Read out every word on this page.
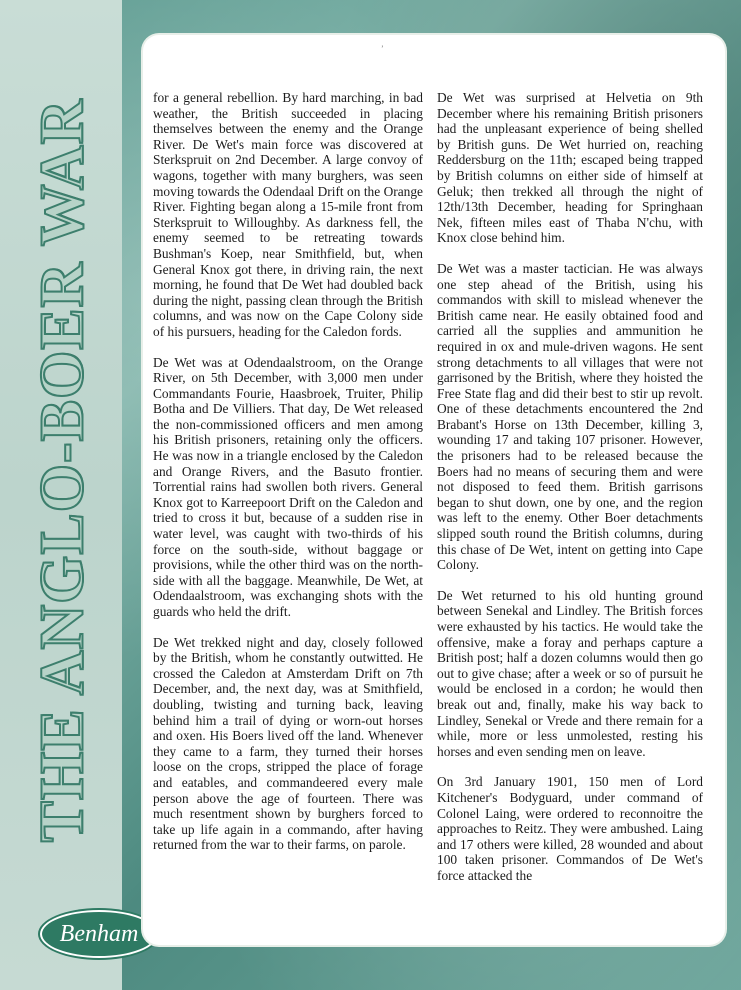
THE ANGLO-BOER WAR
Benham
’

for a general rebellion. By hard marching, in bad weather, the British succeeded in placing themselves between the enemy and the Orange River. De Wet's main force was discovered at Sterkspruit on 2nd December. A large convoy of wagons, together with many burghers, was seen moving towards the Odendaal Drift on the Orange River. Fighting began along a 15-mile front from Sterkspruit to Willoughby. As darkness fell, the enemy seemed to be retreating towards Bushman's Koep, near Smithfield, but, when General Knox got there, in driving rain, the next morning, he found that De Wet had doubled back during the night, passing clean through the British columns, and was now on the Cape Colony side of his pursuers, heading for the Caledon fords.

De Wet was at Odendaalstroom, on the Orange River, on 5th December, with 3,000 men under Commandants Fourie, Haasbroek, Truiter, Philip Botha and De Villiers. That day, De Wet released the non-commissioned officers and men among his British prisoners, retaining only the officers. He was now in a triangle enclosed by the Caledon and Orange Rivers, and the Basuto frontier. Torrential rains had swollen both rivers. General Knox got to Karreepoort Drift on the Caledon and tried to cross it but, because of a sudden rise in water level, was caught with two-thirds of his force on the south-side, without baggage or provisions, while the other third was on the north-side with all the baggage. Meanwhile, De Wet, at Odendaalstroom, was exchanging shots with the guards who held the drift.

De Wet trekked night and day, closely followed by the British, whom he constantly outwitted. He crossed the Caledon at Amsterdam Drift on 7th December, and, the next day, was at Smithfield, doubling, twisting and turning back, leaving behind him a trail of dying or worn-out horses and oxen. His Boers lived off the land. Whenever they came to a farm, they turned their horses loose on the crops, stripped the place of forage and eatables, and commandeered every male person above the age of fourteen. There was much resentment shown by burghers forced to take up life again in a commando, after having returned from the war to their farms, on parole.

De Wet was surprised at Helvetia on 9th December where his remaining British prisoners had the unpleasant experience of being shelled by British guns. De Wet hurried on, reaching Reddersburg on the 11th; escaped being trapped by British columns on either side of himself at Geluk; then trekked all through the night of 12th/13th December, heading for Springhaan Nek, fifteen miles east of Thaba N'chu, with Knox close behind him.

De Wet was a master tactician. He was always one step ahead of the British, using his commandos with skill to mislead whenever the British came near. He easily obtained food and carried all the supplies and ammunition he required in ox and mule-driven wagons. He sent strong detachments to all villages that were not garrisoned by the British, where they hoisted the Free State flag and did their best to stir up revolt. One of these detachments encountered the 2nd Brabant's Horse on 13th December, killing 3, wounding 17 and taking 107 prisoner. However, the prisoners had to be released because the Boers had no means of securing them and were not disposed to feed them. British garrisons began to shut down, one by one, and the region was left to the enemy. Other Boer detachments slipped south round the British columns, during this chase of De Wet, intent on getting into Cape Colony.

De Wet returned to his old hunting ground between Senekal and Lindley. The British forces were exhausted by his tactics. He would take the offensive, make a foray and perhaps capture a British post; half a dozen columns would then go out to give chase; after a week or so of pursuit he would be enclosed in a cordon; he would then break out and, finally, make his way back to Lindley, Senekal or Vrede and there remain for a while, more or less unmolested, resting his horses and even sending men on leave.

On 3rd January 1901, 150 men of Lord Kitchener's Bodyguard, under command of Colonel Laing, were ordered to reconnoitre the approaches to Reitz. They were ambushed. Laing and 17 others were killed, 28 wounded and about 100 taken prisoner. Commandos of De Wet's force attacked the
